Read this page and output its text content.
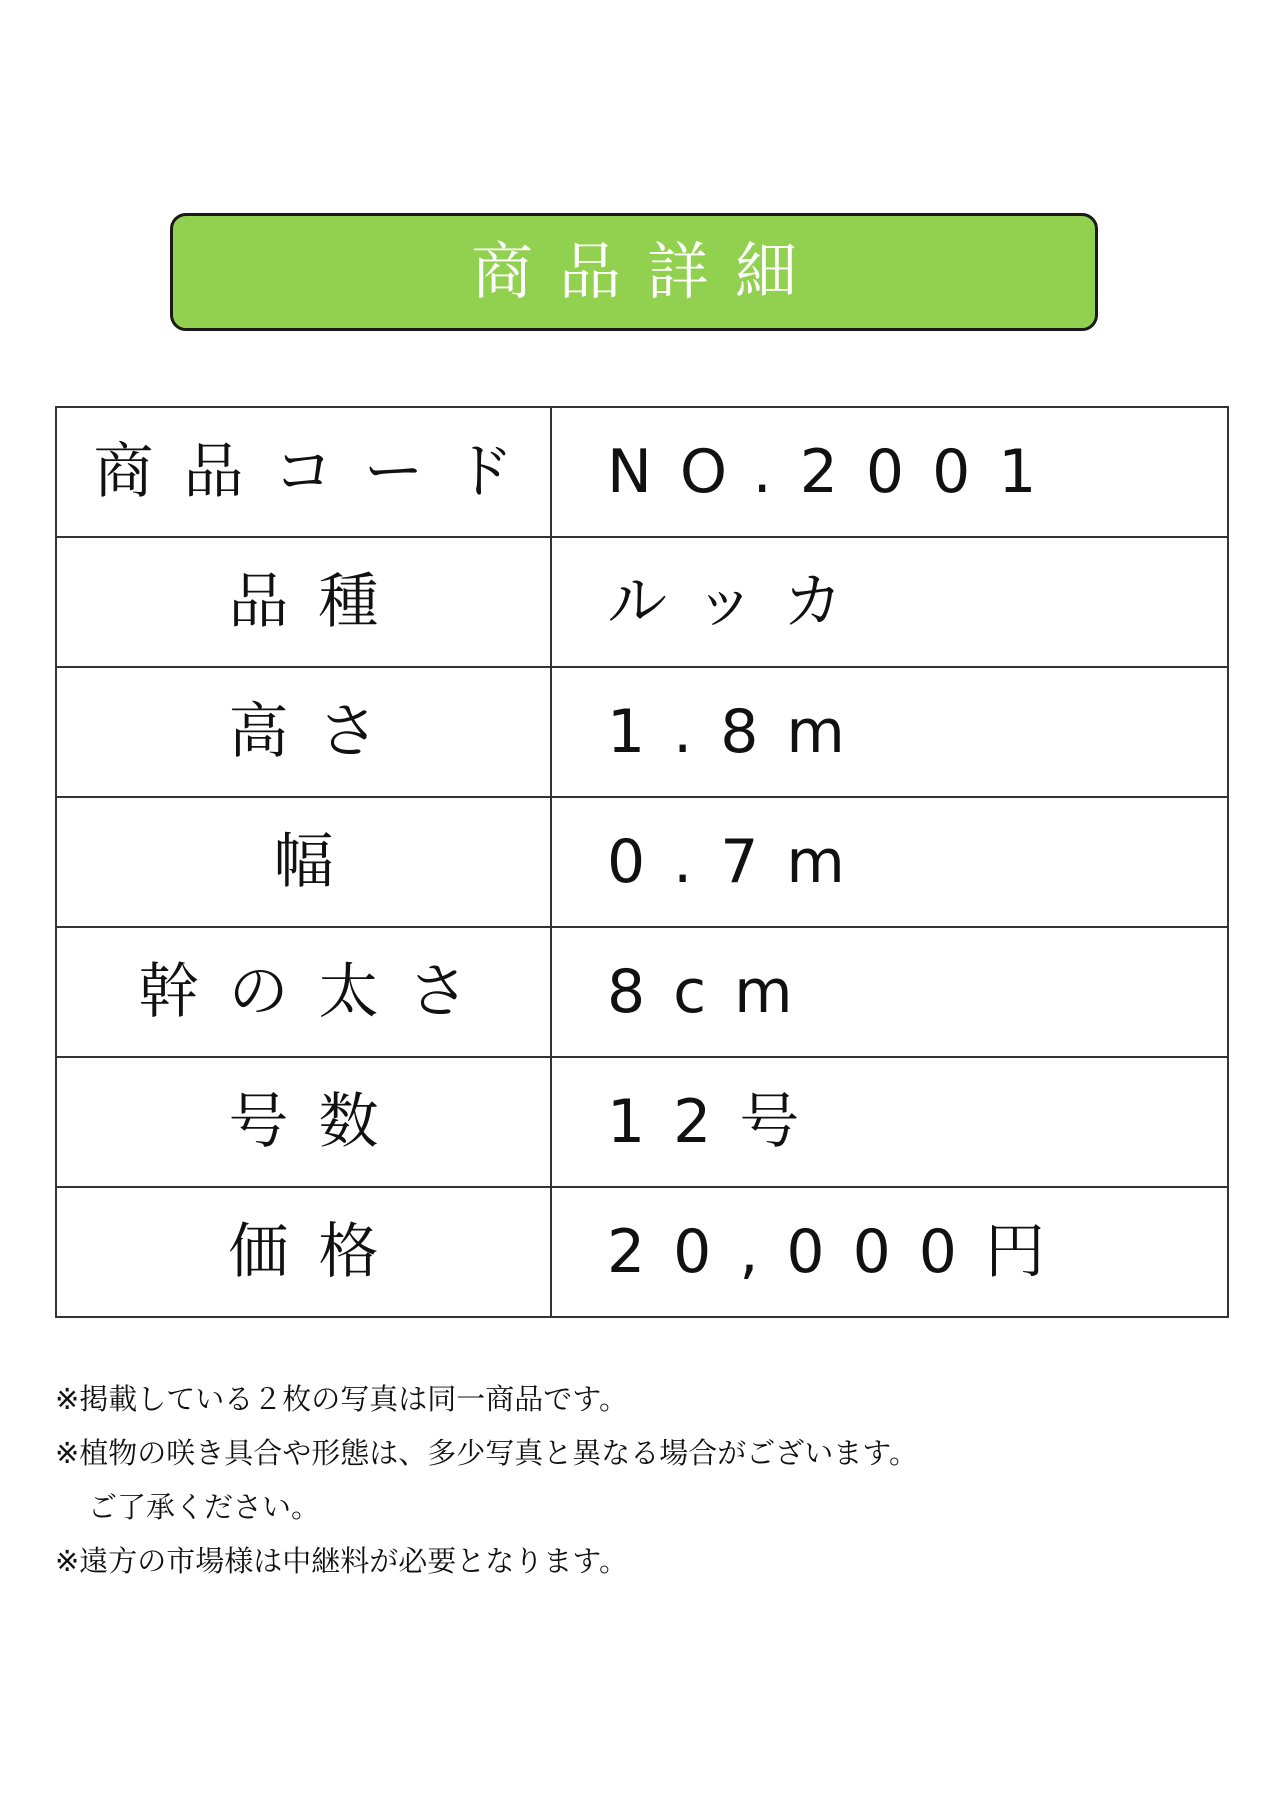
商品詳細
商品コード	NO.2001
品種	ルッカ
高さ	1.8m
幅	0.7m
幹の太さ	8cm
号数	12号
価格	20,000円
※掲載している２枚の写真は同一商品です。
※植物の咲き具合や形態は、多少写真と異なる場合がございます。
ご了承ください。
※遠方の市場様は中継料が必要となります。
